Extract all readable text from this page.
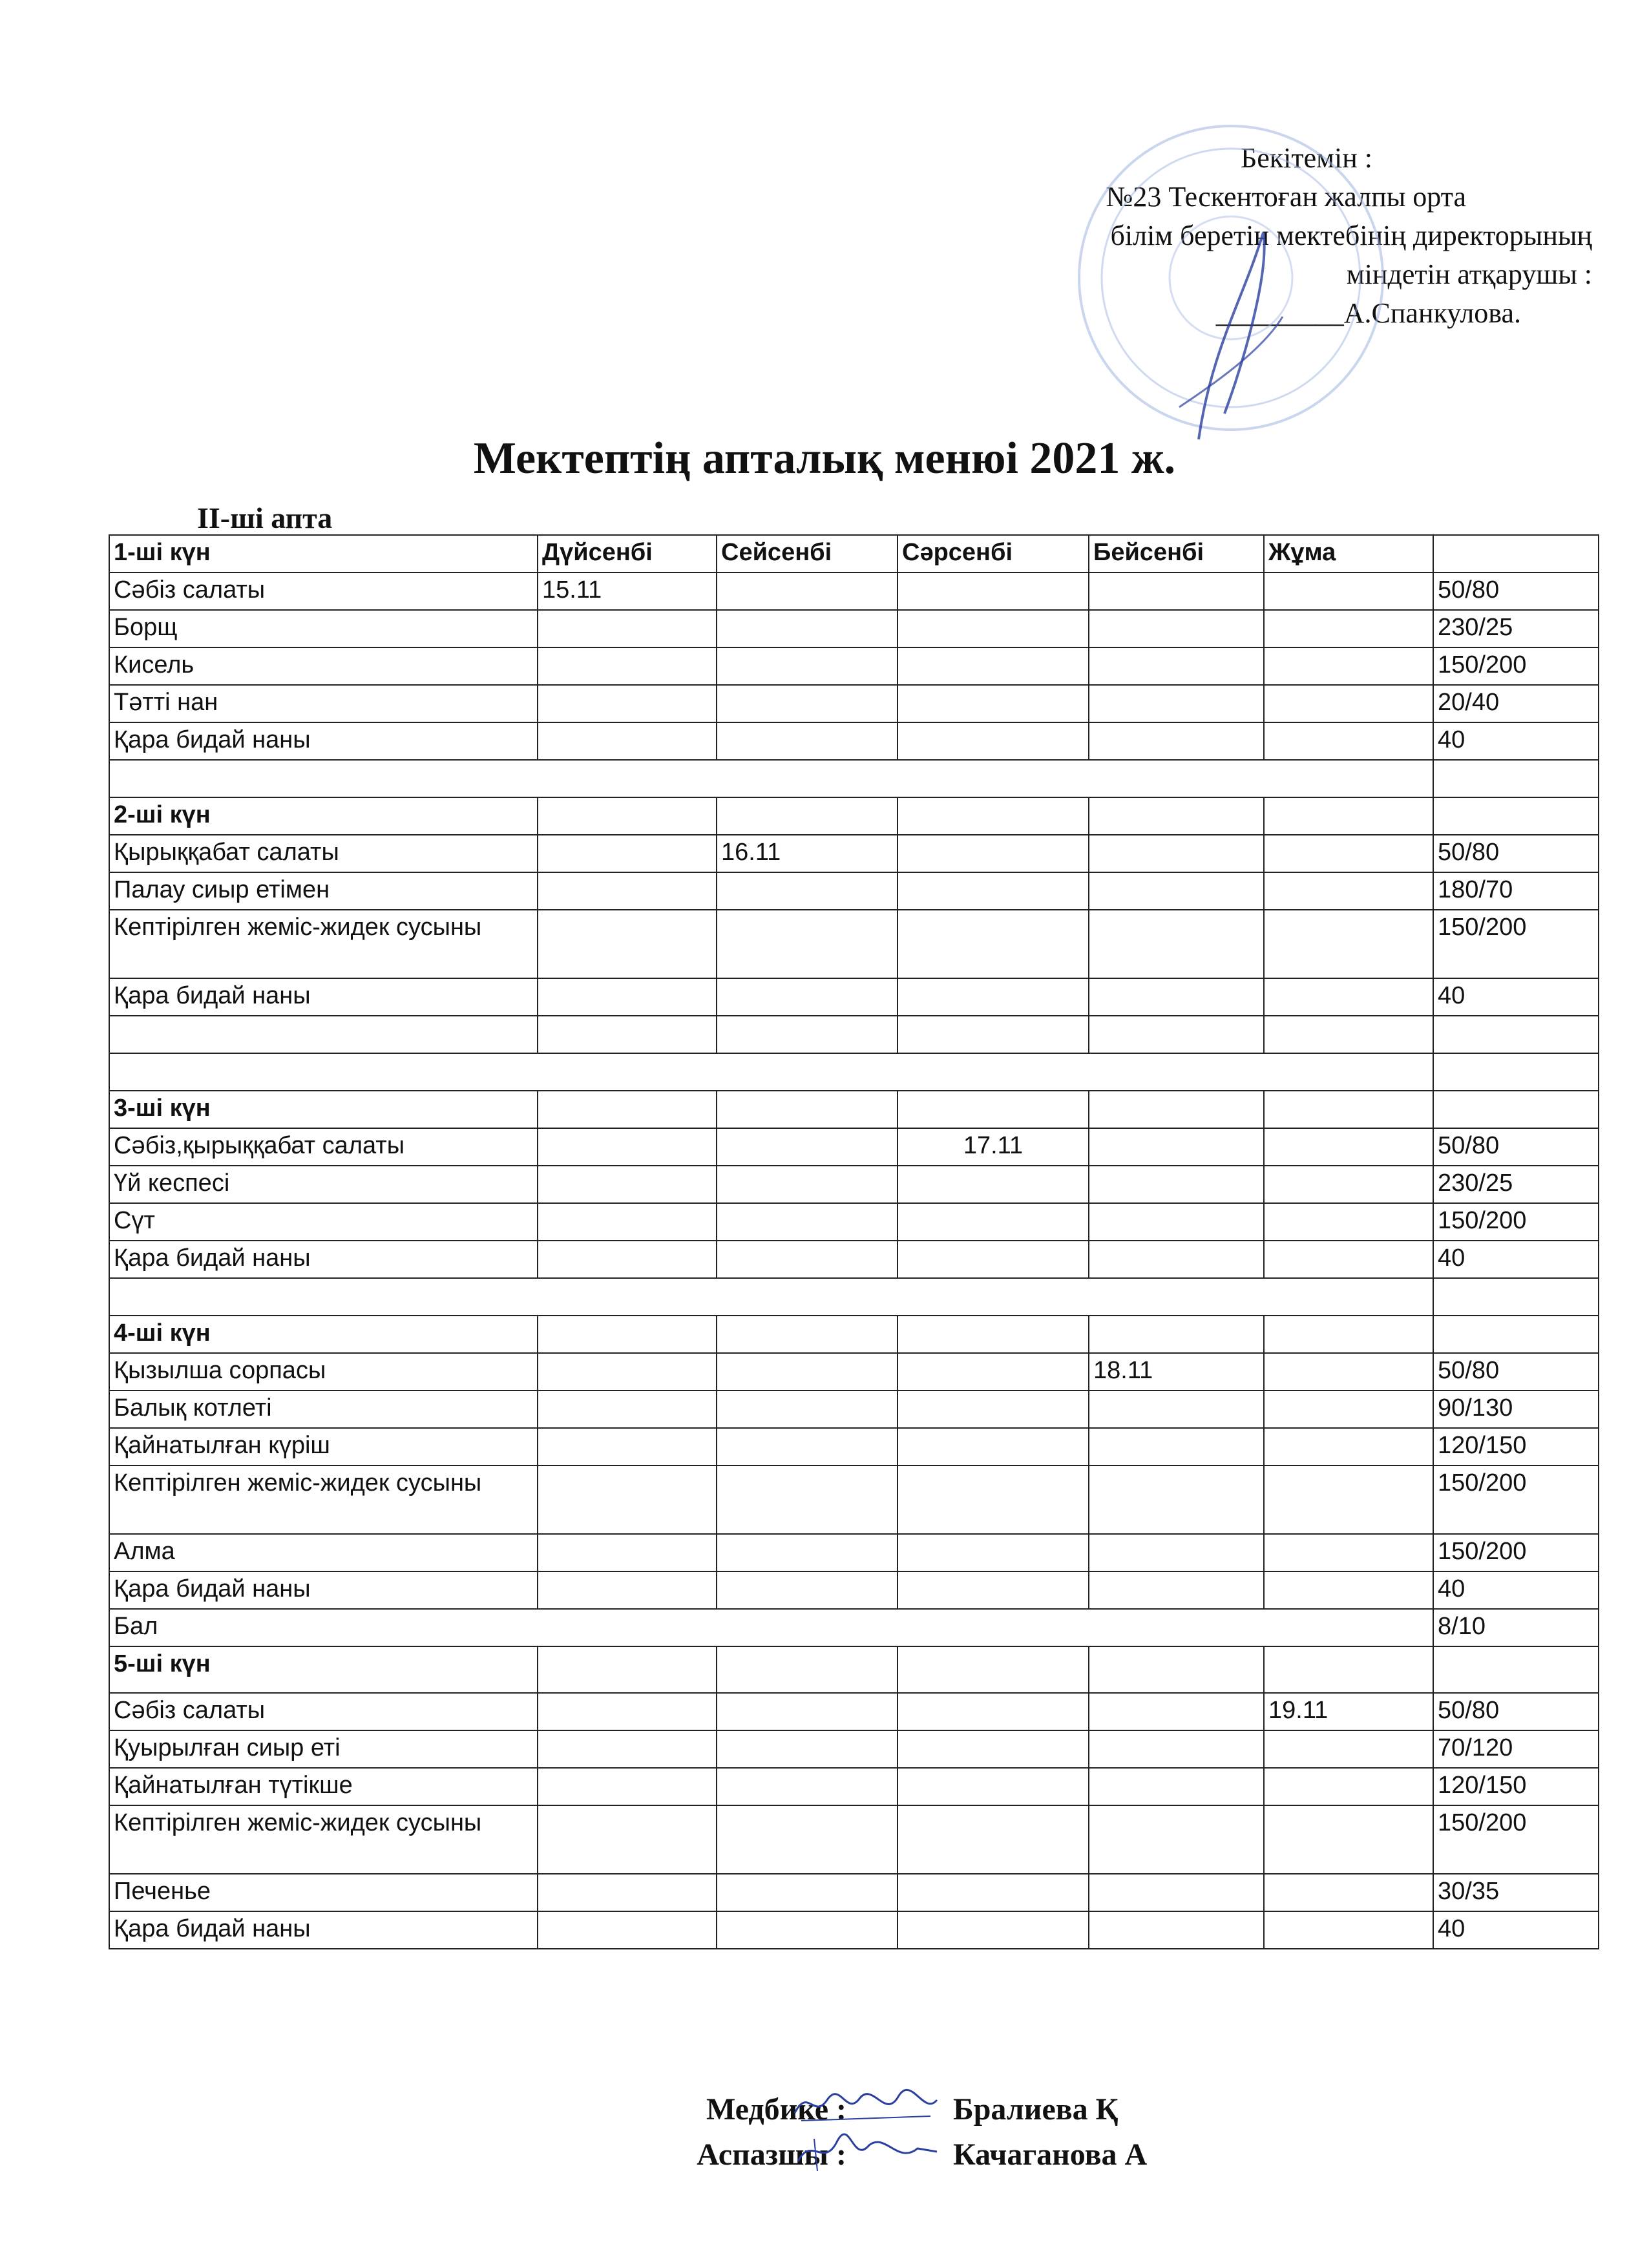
Бекітемін :
№23 Тескентоған жалпы орта
білім беретін мектебінің директорының
міндетін атқарушы :
_________А.Спанкулова.
Мектептің апталық менюі 2021 ж.
ІІ-ші апта
1-ші күн	Дүйсенбі	Сейсенбі	Сәрсенбі	Бейсенбі	Жұма	
Сәбіз салаты	15.11					50/80
Борщ						230/25
Кисель						150/200
Тәтті нан						20/40
Қара бидай наны						40

2-ші күн						
Қырыққабат салаты		16.11				50/80
Палау сиыр етімен						180/70
Кептірілген жеміс-жидек сусыны						150/200
Қара бидай наны						40

3-ші күн						
Сәбіз,қырыққабат салаты			17.11			50/80
Үй кеспесі						230/25
Сүт						150/200
Қара бидай наны						40

4-ші күн						
Қызылша сорпасы				18.11		50/80
Балық котлеті						90/130
Қайнатылған күріш						120/150
Кептірілген жеміс-жидек сусыны						150/200
Алма						150/200
Қара бидай наны						40
Бал						8/10
5-ші күн						
Сәбіз салаты					19.11	50/80
Қуырылған сиыр еті						70/120
Қайнатылған түтікше						120/150
Кептірілген жеміс-жидек сусыны						150/200
Печенье						30/35
Қара бидай наны						40
Медбике :	Бралиева Қ
Аспазшы :	Качаганова А
